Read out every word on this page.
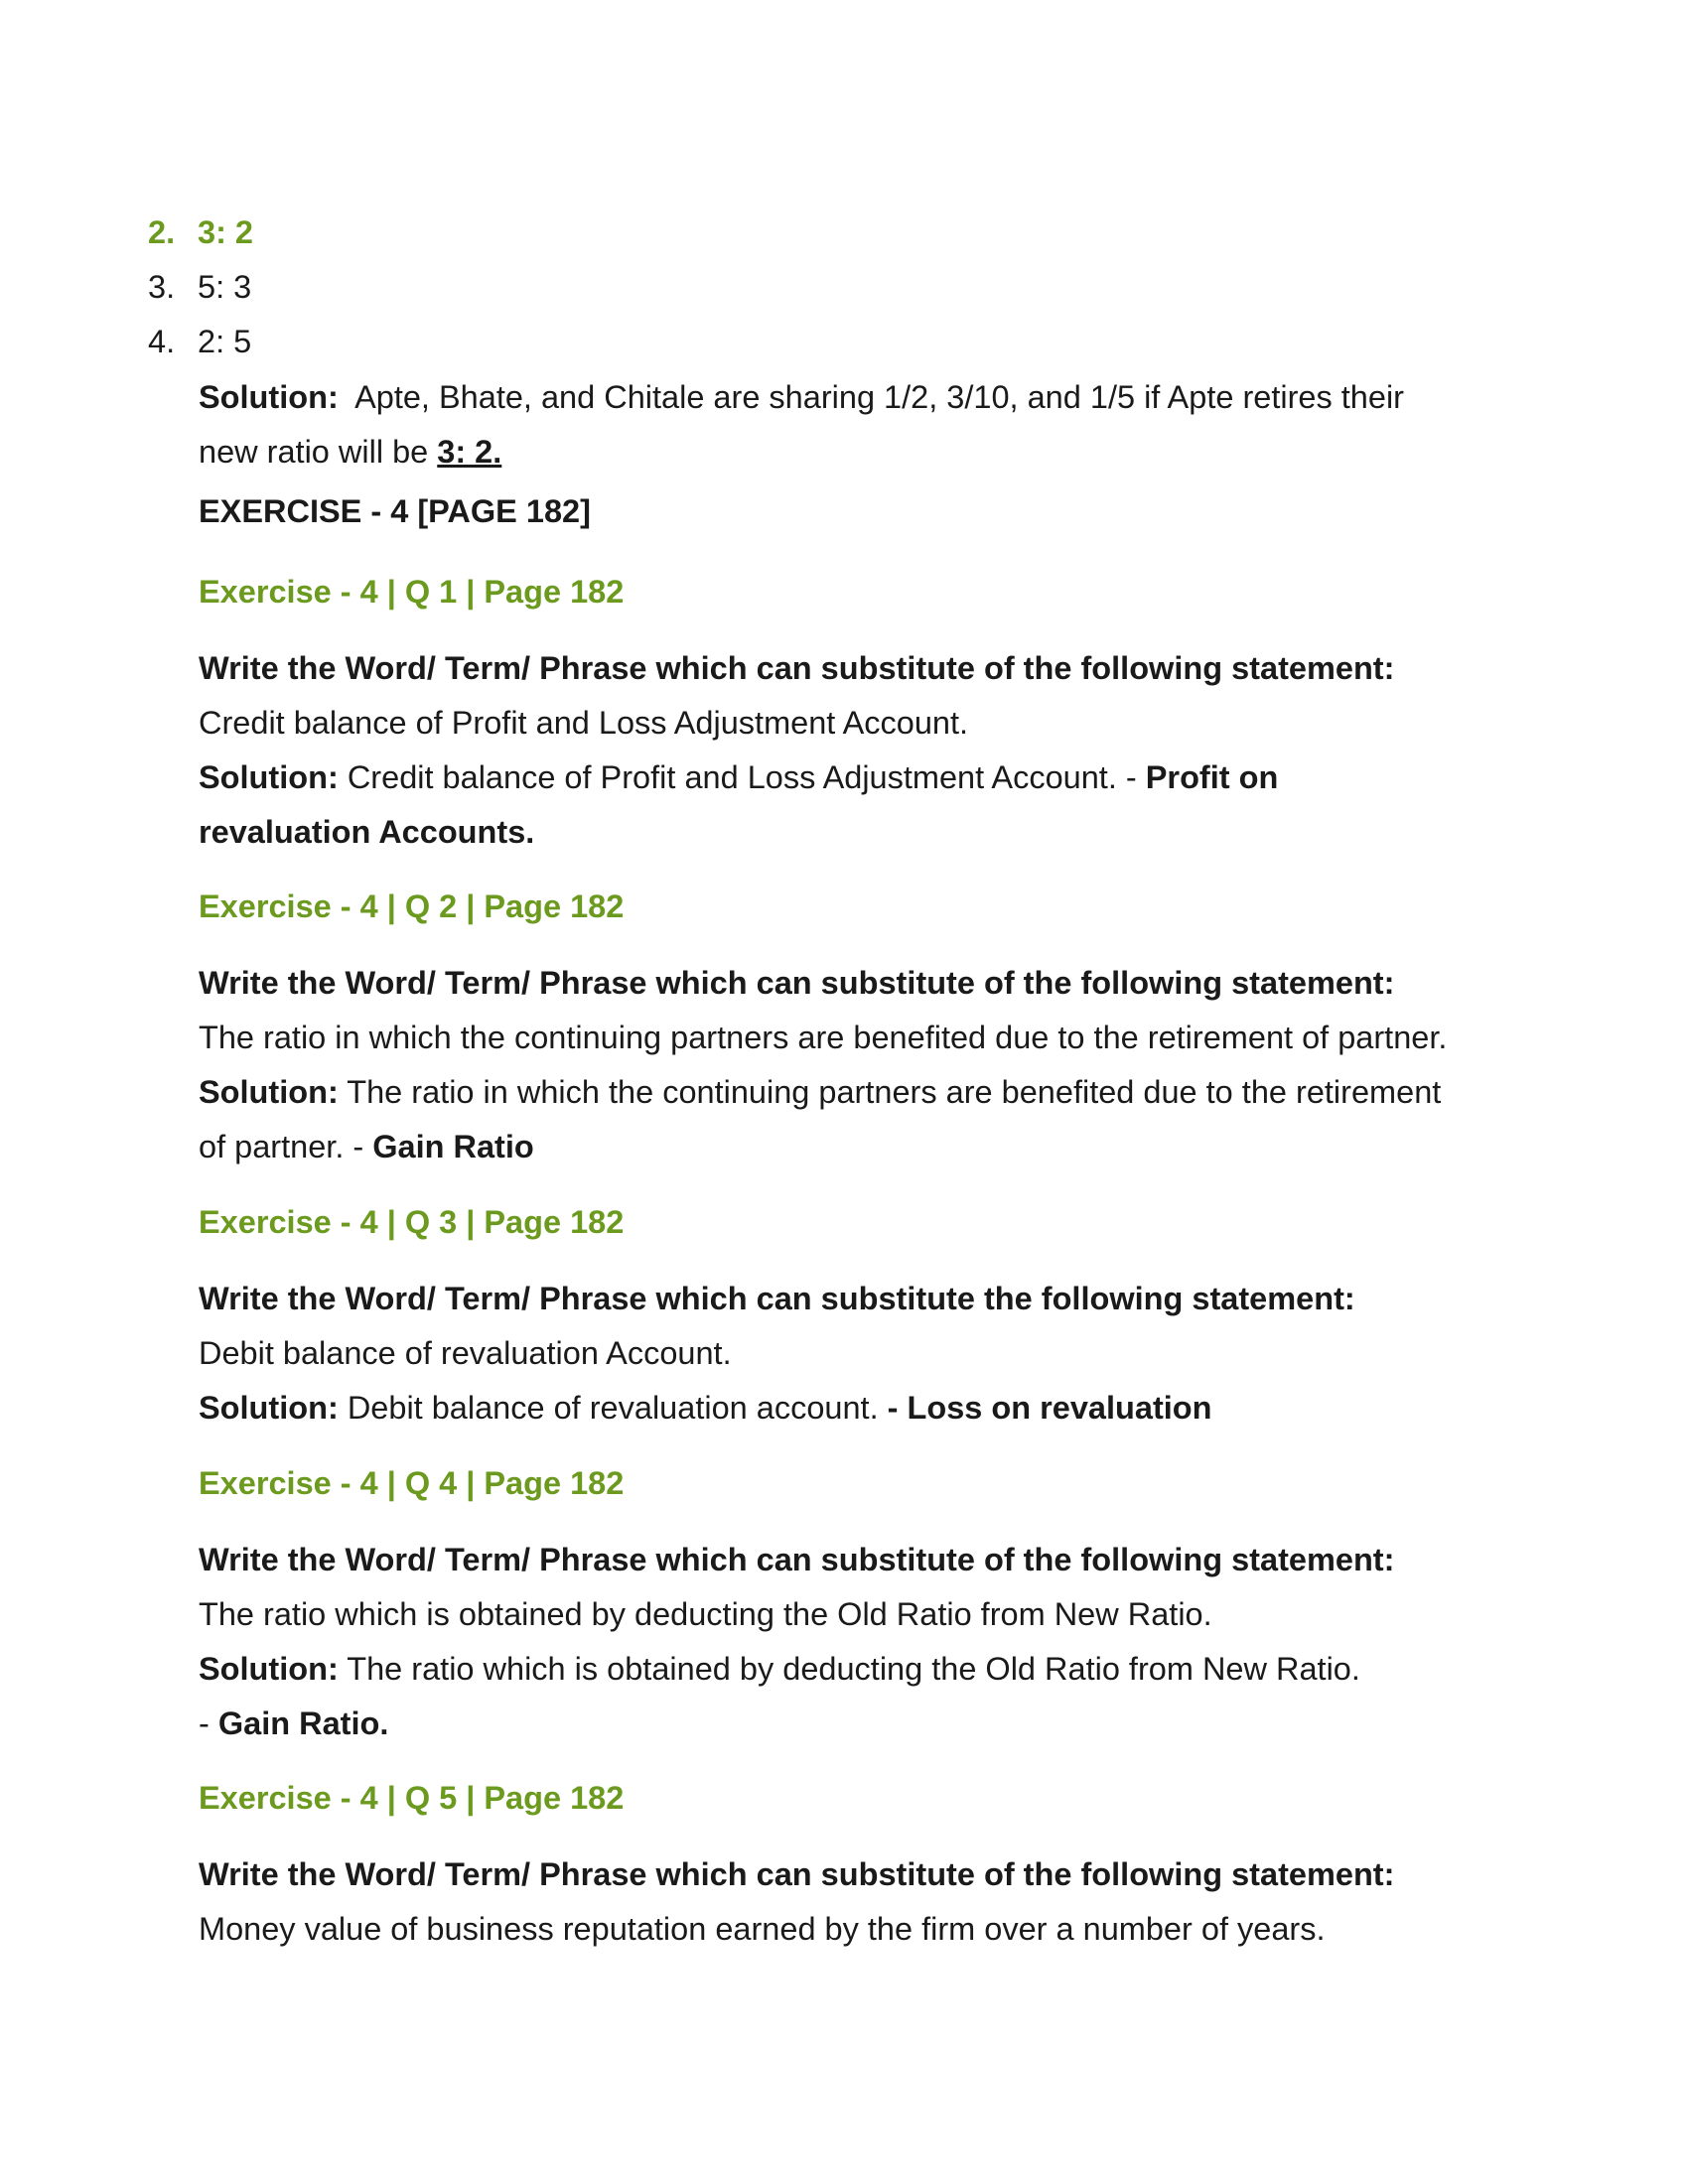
2. 3: 2
3. 5: 3
4. 2: 5
Solution: Apte, Bhate, and Chitale are sharing 1/2, 3/10, and 1/5 if Apte retires their
new ratio will be 3: 2.
EXERCISE - 4 [PAGE 182]
Exercise - 4 | Q 1 | Page 182
Write the Word/ Term/ Phrase which can substitute of the following statement:
Credit balance of Profit and Loss Adjustment Account.
Solution: Credit balance of Profit and Loss Adjustment Account. - Profit on
revaluation Accounts.
Exercise - 4 | Q 2 | Page 182
Write the Word/ Term/ Phrase which can substitute of the following statement:
The ratio in which the continuing partners are benefited due to the retirement of partner.
Solution: The ratio in which the continuing partners are benefited due to the retirement
of partner. - Gain Ratio
Exercise - 4 | Q 3 | Page 182
Write the Word/ Term/ Phrase which can substitute the following statement:
Debit balance of revaluation Account.
Solution: Debit balance of revaluation account. - Loss on revaluation
Exercise - 4 | Q 4 | Page 182
Write the Word/ Term/ Phrase which can substitute of the following statement:
The ratio which is obtained by deducting the Old Ratio from New Ratio.
Solution: The ratio which is obtained by deducting the Old Ratio from New Ratio.
- Gain Ratio.
Exercise - 4 | Q 5 | Page 182
Write the Word/ Term/ Phrase which can substitute of the following statement:
Money value of business reputation earned by the firm over a number of years.
